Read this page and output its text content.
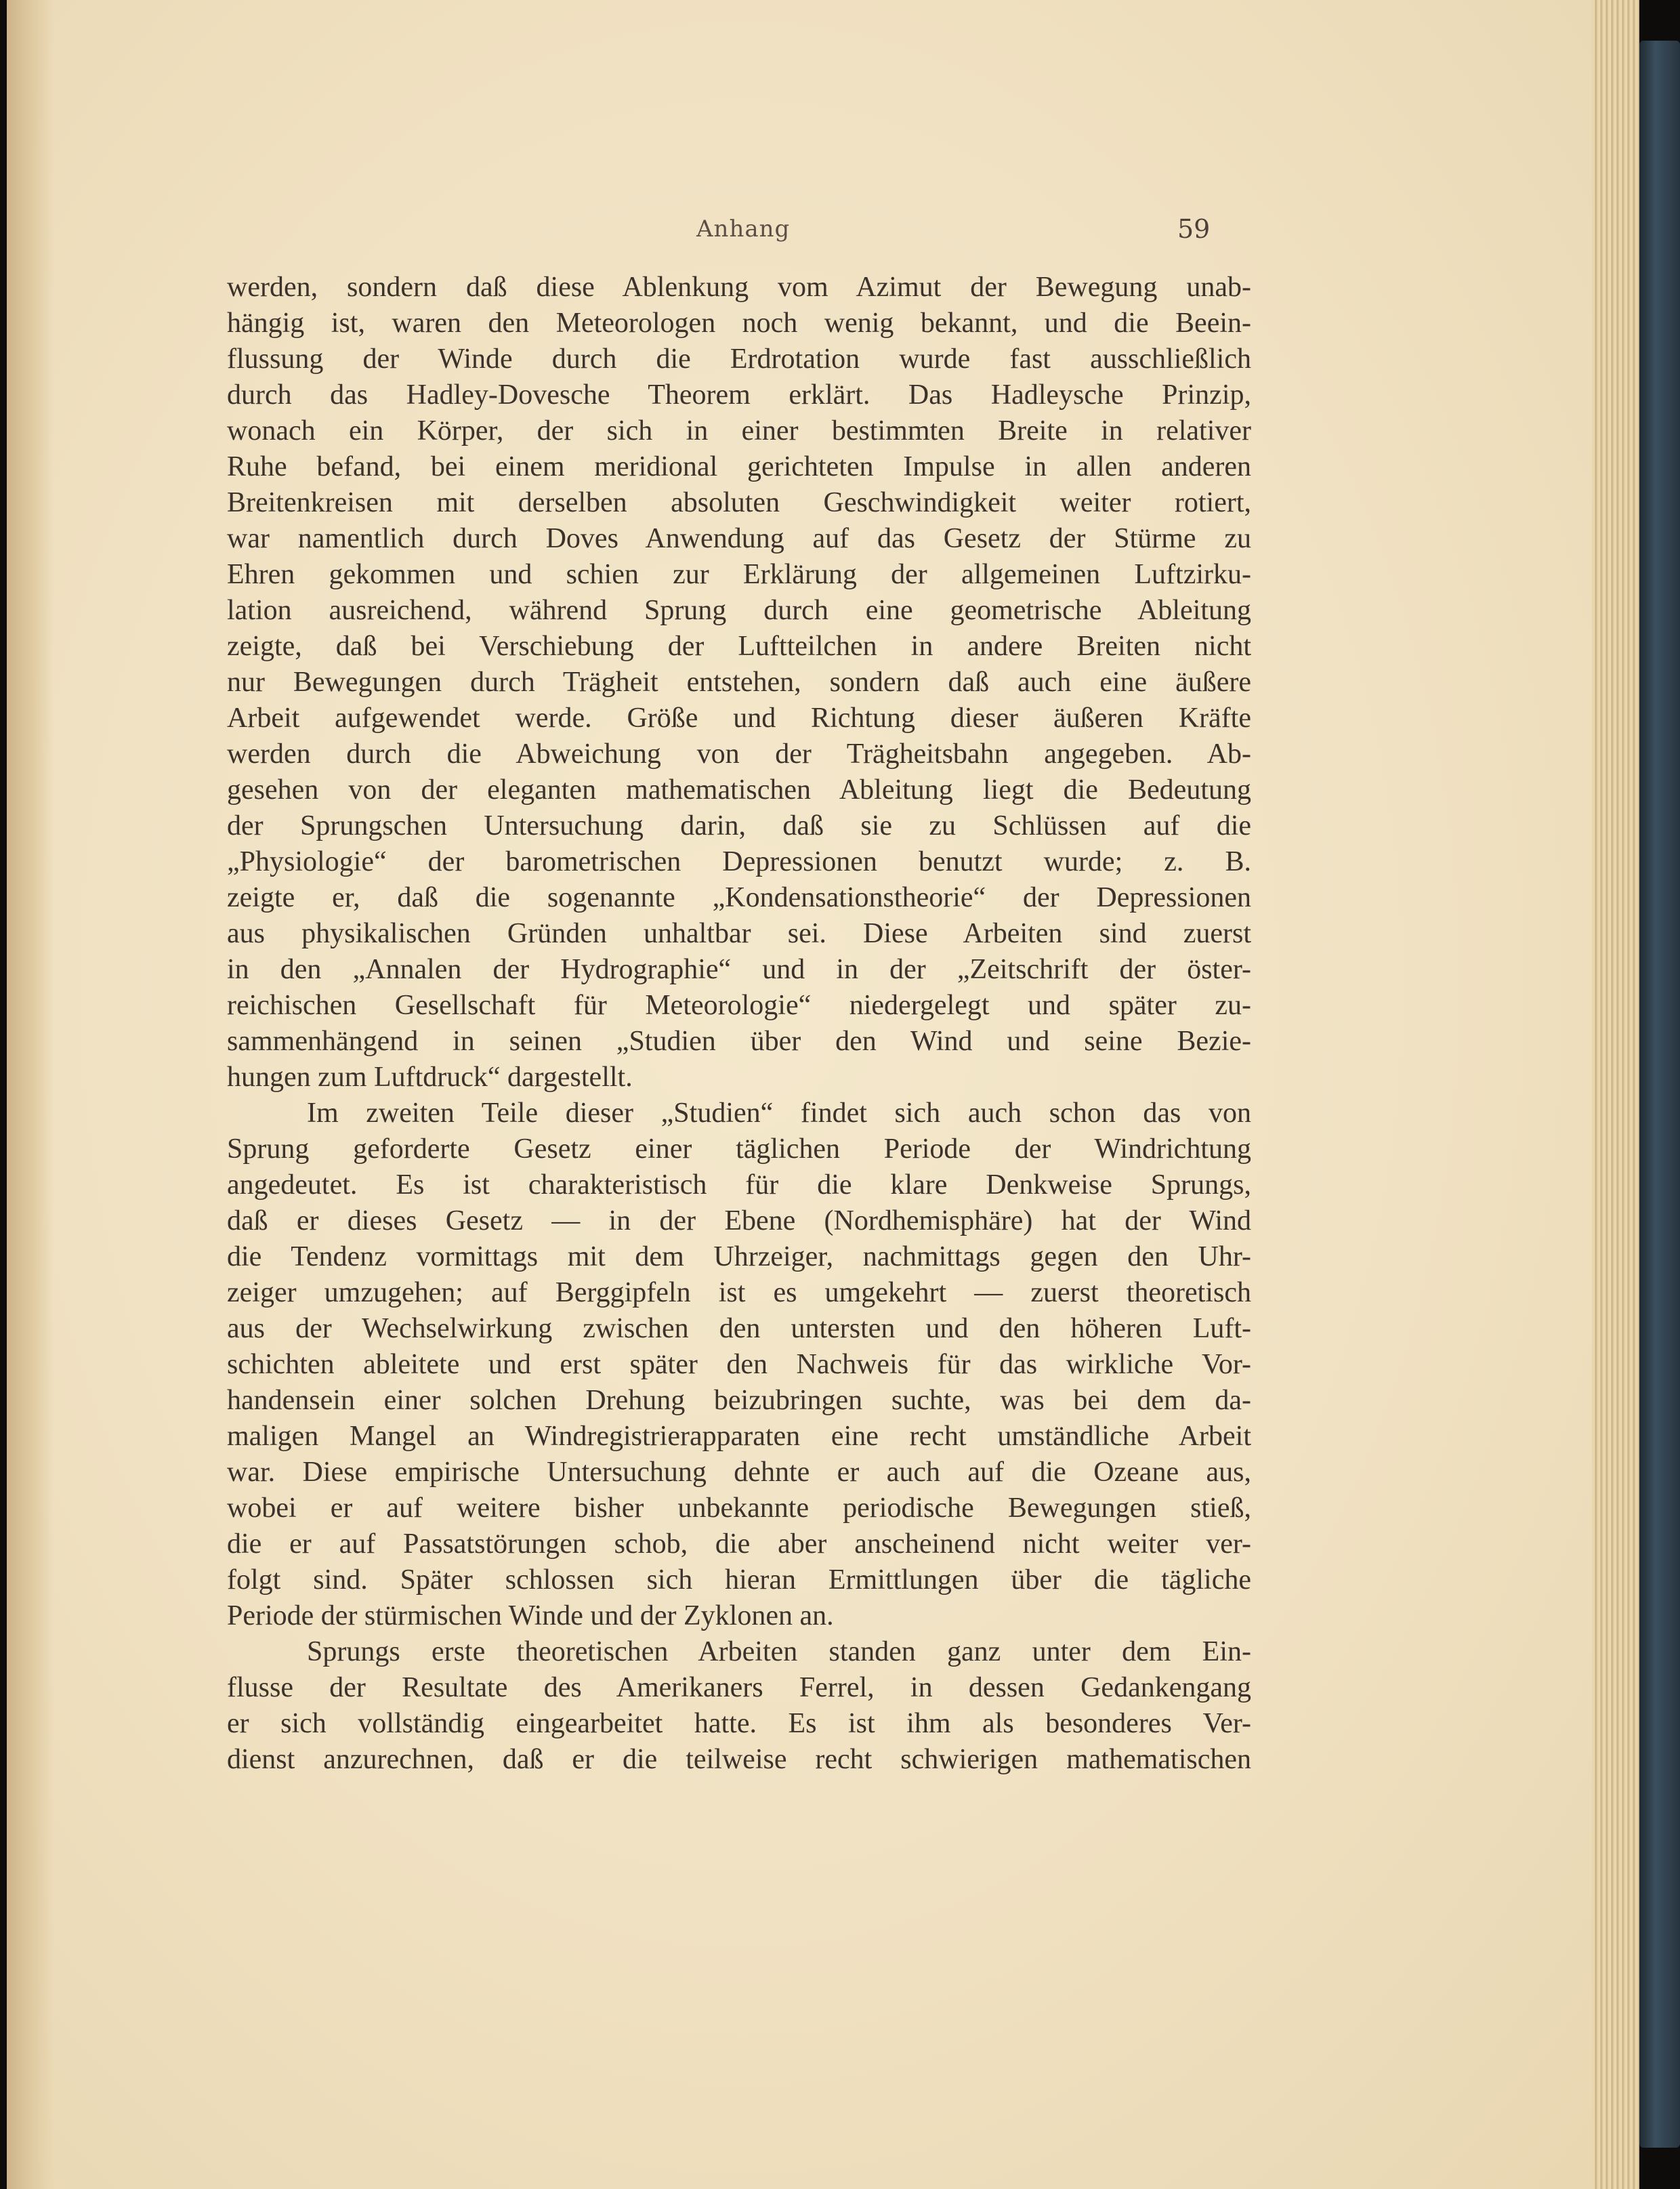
Anhang	59
werden, sondern daß diese Ablenkung vom Azimut der Bewegung unab-
hängig ist, waren den Meteorologen noch wenig bekannt, und die Beein-
flussung der Winde durch die Erdrotation wurde fast ausschließlich
durch das Hadley-Dovesche Theorem erklärt. Das Hadleysche Prinzip,
wonach ein Körper, der sich in einer bestimmten Breite in relativer
Ruhe befand, bei einem meridional gerichteten Impulse in allen anderen
Breitenkreisen mit derselben absoluten Geschwindigkeit weiter rotiert,
war namentlich durch Doves Anwendung auf das Gesetz der Stürme zu
Ehren gekommen und schien zur Erklärung der allgemeinen Luftzirku-
lation ausreichend, während Sprung durch eine geometrische Ableitung
zeigte, daß bei Verschiebung der Luftteilchen in andere Breiten nicht
nur Bewegungen durch Trägheit entstehen, sondern daß auch eine äußere
Arbeit aufgewendet werde. Größe und Richtung dieser äußeren Kräfte
werden durch die Abweichung von der Trägheitsbahn angegeben. Ab-
gesehen von der eleganten mathematischen Ableitung liegt die Bedeutung
der Sprungschen Untersuchung darin, daß sie zu Schlüssen auf die
„Physiologie“ der barometrischen Depressionen benutzt wurde; z. B.
zeigte er, daß die sogenannte „Kondensationstheorie“ der Depressionen
aus physikalischen Gründen unhaltbar sei. Diese Arbeiten sind zuerst
in den „Annalen der Hydrographie“ und in der „Zeitschrift der öster-
reichischen Gesellschaft für Meteorologie“ niedergelegt und später zu-
sammenhängend in seinen „Studien über den Wind und seine Bezie-
hungen zum Luftdruck“ dargestellt.
Im zweiten Teile dieser „Studien“ findet sich auch schon das von
Sprung geforderte Gesetz einer täglichen Periode der Windrichtung
angedeutet. Es ist charakteristisch für die klare Denkweise Sprungs,
daß er dieses Gesetz — in der Ebene (Nordhemisphäre) hat der Wind
die Tendenz vormittags mit dem Uhrzeiger, nachmittags gegen den Uhr-
zeiger umzugehen; auf Berggipfeln ist es umgekehrt — zuerst theoretisch
aus der Wechselwirkung zwischen den untersten und den höheren Luft-
schichten ableitete und erst später den Nachweis für das wirkliche Vor-
handensein einer solchen Drehung beizubringen suchte, was bei dem da-
maligen Mangel an Windregistrierapparaten eine recht umständliche Arbeit
war. Diese empirische Untersuchung dehnte er auch auf die Ozeane aus,
wobei er auf weitere bisher unbekannte periodische Bewegungen stieß,
die er auf Passatstörungen schob, die aber anscheinend nicht weiter ver-
folgt sind. Später schlossen sich hieran Ermittlungen über die tägliche
Periode der stürmischen Winde und der Zyklonen an.
Sprungs erste theoretischen Arbeiten standen ganz unter dem Ein-
flusse der Resultate des Amerikaners Ferrel, in dessen Gedankengang
er sich vollständig eingearbeitet hatte. Es ist ihm als besonderes Ver-
dienst anzurechnen, daß er die teilweise recht schwierigen mathematischen
